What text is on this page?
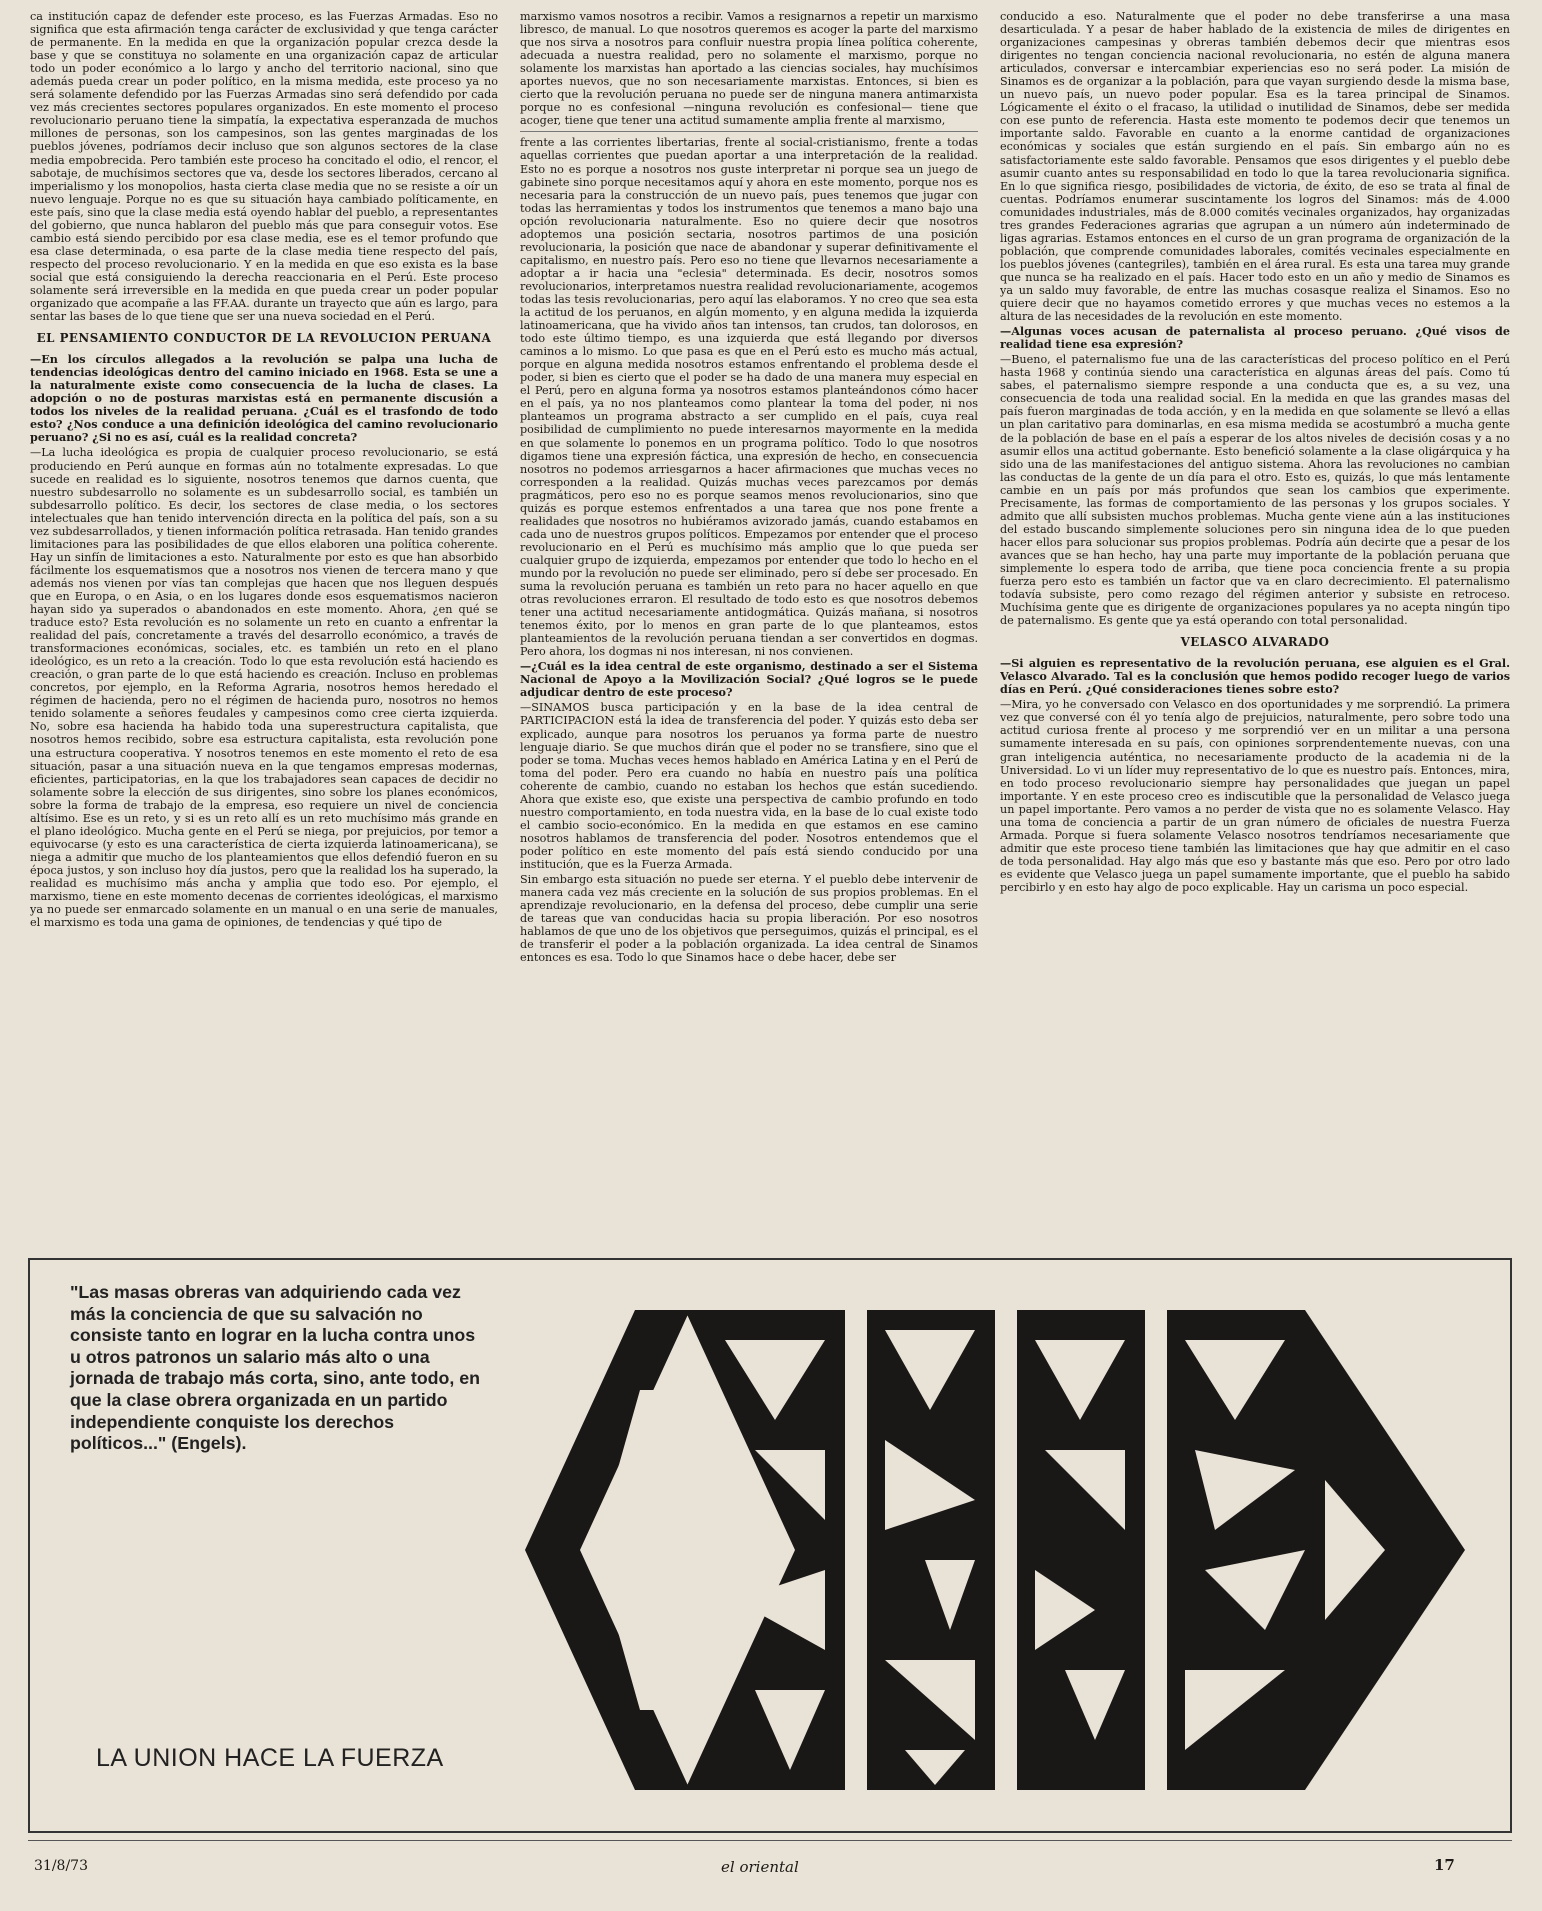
ca institución capaz de defender este proceso, es las Fuerzas Armadas. Eso no significa que esta afirmación tenga carácter de exclusividad y que tenga carácter de permanente. En la medida en que la organización popular crezca desde la base y que se constituya no solamente en una organización capaz de articular todo un poder económico a lo largo y ancho del territorio nacional, sino que además pueda crear un poder político, en la misma medida, este proceso ya no será solamente defendido por las Fuerzas Armadas sino será defendido por cada vez más crecientes sectores populares organizados. En este momento el proceso revolucionario peruano tiene la simpatía, la expectativa esperanzada de muchos millones de personas, son los campesinos, son las gentes marginadas de los pueblos jóvenes, podríamos decir incluso que son algunos sectores de la clase media empobrecida. Pero también este proceso ha concitado el odio, el rencor, el sabotaje, de muchísimos sectores que va, desde los sectores liberados, cercano al imperialismo y los monopolios, hasta cierta clase media que no se resiste a oír un nuevo lenguaje. Porque no es que su situación haya cambiado políticamente, en este país, sino que la clase media está oyendo hablar del pueblo, a representantes del gobierno, que nunca hablaron del pueblo más que para conseguir votos. Ese cambio está siendo percibido por esa clase media, ese es el temor profundo que esa clase determinada, o esa parte de la clase media tiene respecto del país, respecto del proceso revolucionario. Y en la medida en que eso exista es la base social que está consiguiendo la derecha reaccionaria en el Perú. Este proceso solamente será irreversible en la medida en que pueda crear un poder popular organizado que acompañe a las FF.AA. durante un trayecto que aún es largo, para sentar las bases de lo que tiene que ser una nueva sociedad en el Perú.

EL PENSAMIENTO CONDUCTOR DE LA REVOLUCION PERUANA

—En los círculos allegados a la revolución se palpa una lucha de tendencias ideológicas dentro del camino iniciado en 1968. Esta se une a la naturalmente existe como consecuencia de la lucha de clases. La adopción o no de posturas marxistas está en permanente discusión a todos los niveles de la realidad peruana. ¿Cuál es el trasfondo de todo esto? ¿Nos conduce a una definición ideológica del camino revolucionario peruano? ¿Si no es así, cuál es la realidad concreta?

—La lucha ideológica es propia de cualquier proceso revolucionario, se está produciendo en Perú aunque en formas aún no totalmente expresadas. Lo que sucede en realidad es lo siguiente, nosotros tenemos que darnos cuenta, que nuestro subdesarrollo no solamente es un subdesarrollo social, es también un subdesarrollo político. Es decir, los sectores de clase media, o los sectores intelectuales que han tenido intervención directa en la política del país, son a su vez subdesarrollados, y tienen información política retrasada. Han tenido grandes limitaciones para las posibilidades de que ellos elaboren una política coherente. Hay un sinfín de limitaciones a esto. Naturalmente por esto es que han absorbido fácilmente los esquematismos que a nosotros nos vienen de tercera mano y que además nos vienen por vías tan complejas que hacen que nos lleguen después que en Europa, o en Asia, o en los lugares donde esos esquematismos nacieron hayan sido ya superados o abandonados en este momento. Ahora, ¿en qué se traduce esto? Esta revolución es no solamente un reto en cuanto a enfrentar la realidad del país, concretamente a través del desarrollo económico, a través de transformaciones económicas, sociales, etc. es también un reto en el plano ideológico, es un reto a la creación. Todo lo que esta revolución está haciendo es creación, o gran parte de lo que está haciendo es creación. Incluso en problemas concretos, por ejemplo, en la Reforma Agraria, nosotros hemos heredado el régimen de hacienda, pero no el régimen de hacienda puro, nosotros no hemos tenido solamente a señores feudales y campesinos como cree cierta izquierda. No, sobre esa hacienda ha habido toda una superestructura capitalista, que nosotros hemos recibido, sobre esa estructura capitalista, esta revolución pone una estructura cooperativa. Y nosotros tenemos en este momento el reto de esa situación, pasar a una situación nueva en la que tengamos empresas modernas, eficientes, participatorias, en la que los trabajadores sean capaces de decidir no solamente sobre la elección de sus dirigentes, sino sobre los planes económicos, sobre la forma de trabajo de la empresa, eso requiere un nivel de conciencia altísimo. Ese es un reto, y si es un reto allí es un reto muchísimo más grande en el plano ideológico. Mucha gente en el Perú se niega, por prejuicios, por temor a equivocarse (y esto es una característica de cierta izquierda latinoamericana), se niega a admitir que mucho de los planteamientos que ellos defendió fueron en su época justos, y son incluso hoy día justos, pero que la realidad los ha superado, la realidad es muchísimo más ancha y amplia que todo eso. Por ejemplo, el marxismo, tiene en este momento decenas de corrientes ideológicas, el marxismo ya no puede ser enmarcado solamente en un manual o en una serie de manuales, el marxismo es toda una gama de opiniones, de tendencias y qué tipo de

marxismo vamos nosotros a recibir. Vamos a resignarnos a repetir un marxismo libresco, de manual. Lo que nosotros queremos es acoger la parte del marxismo que nos sirva a nosotros para confluir nuestra propia línea política coherente, adecuada a nuestra realidad, pero no solamente el marxismo, porque no solamente los marxistas han aportado a las ciencias sociales, hay muchísimos aportes nuevos, que no son necesariamente marxistas. Entonces, si bien es cierto que la revolución peruana no puede ser de ninguna manera antimarxista porque no es confesional —ninguna revolución es confesional— tiene que acoger, tiene que tener una actitud sumamente amplia frente al marxismo,

frente a las corrientes libertarias, frente al social-cristianismo, frente a todas aquellas corrientes que puedan aportar a una interpretación de la realidad. Esto no es porque a nosotros nos guste interpretar ni porque sea un juego de gabinete sino porque necesitamos aquí y ahora en este momento, porque nos es necesaria para la construcción de un nuevo país, pues tenemos que jugar con todas las herramientas y todos los instrumentos que tenemos a mano bajo una opción revolucionaria naturalmente. Eso no quiere decir que nosotros adoptemos una posición sectaria, nosotros partimos de una posición revolucionaria, la posición que nace de abandonar y superar definitivamente el capitalismo, en nuestro país. Pero eso no tiene que llevarnos necesariamente a adoptar a ir hacia una "eclesia" determinada. Es decir, nosotros somos revolucionarios, interpretamos nuestra realidad revolucionariamente, acogemos todas las tesis revolucionarias, pero aquí las elaboramos. Y no creo que sea esta la actitud de los peruanos, en algún momento, y en alguna medida la izquierda latinoamericana, que ha vivido años tan intensos, tan crudos, tan dolorosos, en todo este último tiempo, es una izquierda que está llegando por diversos caminos a lo mismo. Lo que pasa es que en el Perú esto es mucho más actual, porque en alguna medida nosotros estamos enfrentando el problema desde el poder, si bien es cierto que el poder se ha dado de una manera muy especial en el Perú, pero en alguna forma ya nosotros estamos planteándonos cómo hacer en el país, ya no nos planteamos como plantear la toma del poder, ni nos planteamos un programa abstracto a ser cumplido en el país, cuya real posibilidad de cumplimiento no puede interesarnos mayormente en la medida en que solamente lo ponemos en un programa político. Todo lo que nosotros digamos tiene una expresión fáctica, una expresión de hecho, en consecuencia nosotros no podemos arriesgarnos a hacer afirmaciones que muchas veces no corresponden a la realidad. Quizás muchas veces parezcamos por demás pragmáticos, pero eso no es porque seamos menos revolucionarios, sino que quizás es porque estemos enfrentados a una tarea que nos pone frente a realidades que nosotros no hubiéramos avizorado jamás, cuando estabamos en cada uno de nuestros grupos políticos. Empezamos por entender que el proceso revolucionario en el Perú es muchísimo más amplio que lo que pueda ser cualquier grupo de izquierda, empezamos por entender que todo lo hecho en el mundo por la revolución no puede ser eliminado, pero sí debe ser procesado. En suma la revolución peruana es también un reto para no hacer aquello en que otras revoluciones erraron. El resultado de todo esto es que nosotros debemos tener una actitud necesariamente antidogmática. Quizás mañana, si nosotros tenemos éxito, por lo menos en gran parte de lo que planteamos, estos planteamientos de la revolución peruana tiendan a ser convertidos en dogmas. Pero ahora, los dogmas ni nos interesan, ni nos convienen.

—¿Cuál es la idea central de este organismo, destinado a ser el Sistema Nacional de Apoyo a la Movilización Social? ¿Qué logros se le puede adjudicar dentro de este proceso?

—SINAMOS busca participación y en la base de la idea central de PARTICIPACION está la idea de transferencia del poder. Y quizás esto deba ser explicado, aunque para nosotros los peruanos ya forma parte de nuestro lenguaje diario. Se que muchos dirán que el poder no se transfiere, sino que el poder se toma. Muchas veces hemos hablado en América Latina y en el Perú de toma del poder. Pero era cuando no había en nuestro país una política coherente de cambio, cuando no estaban los hechos que están sucediendo. Ahora que existe eso, que existe una perspectiva de cambio profundo en todo nuestro comportamiento, en toda nuestra vida, en la base de lo cual existe todo el cambio socio-económico. En la medida en que estamos en ese camino nosotros hablamos de transferencia del poder. Nosotros entendemos que el poder político en este momento del país está siendo conducido por una institución, que es la Fuerza Armada.

Sin embargo esta situación no puede ser eterna. Y el pueblo debe intervenir de manera cada vez más creciente en la solución de sus propios problemas. En el aprendizaje revolucionario, en la defensa del proceso, debe cumplir una serie de tareas que van conducidas hacia su propia liberación. Por eso nosotros hablamos de que uno de los objetivos que perseguimos, quizás el principal, es el de transferir el poder a la población organizada. La idea central de Sinamos entonces es esa. Todo lo que Sinamos hace o debe hacer, debe ser

conducido a eso. Naturalmente que el poder no debe transferirse a una masa desarticulada. Y a pesar de haber hablado de la existencia de miles de dirigentes en organizaciones campesinas y obreras también debemos decir que mientras esos dirigentes no tengan conciencia nacional revolucionaria, no estén de alguna manera articulados, conversar e intercambiar experiencias eso no será poder. La misión de Sinamos es de organizar a la población, para que vayan surgiendo desde la misma base, un nuevo país, un nuevo poder popular. Esa es la tarea principal de Sinamos. Lógicamente el éxito o el fracaso, la utilidad o inutilidad de Sinamos, debe ser medida con ese punto de referencia. Hasta este momento te podemos decir que tenemos un importante saldo. Favorable en cuanto a la enorme cantidad de organizaciones económicas y sociales que están surgiendo en el país. Sin embargo aún no es satisfactoriamente este saldo favorable. Pensamos que esos dirigentes y el pueblo debe asumir cuanto antes su responsabilidad en todo lo que la tarea revolucionaria significa. En lo que significa riesgo, posibilidades de victoria, de éxito, de eso se trata al final de cuentas. Podríamos enumerar suscintamente los logros del Sinamos: más de 4.000 comunidades industriales, más de 8.000 comités vecinales organizados, hay organizadas tres grandes Federaciones agrarias que agrupan a un número aún indeterminado de ligas agrarias. Estamos entonces en el curso de un gran programa de organización de la población, que comprende comunidades laborales, comités vecinales especialmente en los pueblos jóvenes (cantegriles), también en el área rural. Es esta una tarea muy grande que nunca se ha realizado en el país. Hacer todo esto en un año y medio de Sinamos es ya un saldo muy favorable, de entre las muchas cosasque realiza el Sinamos. Eso no quiere decir que no hayamos cometido errores y que muchas veces no estemos a la altura de las necesidades de la revolución en este momento.

—Algunas voces acusan de paternalista al proceso peruano. ¿Qué visos de realidad tiene esa expresión?

—Bueno, el paternalismo fue una de las características del proceso político en el Perú hasta 1968 y continúa siendo una característica en algunas áreas del país. Como tú sabes, el paternalismo siempre responde a una conducta que es, a su vez, una consecuencia de toda una realidad social. En la medida en que las grandes masas del país fueron marginadas de toda acción, y en la medida en que solamente se llevó a ellas un plan caritativo para dominarlas, en esa misma medida se acostumbró a mucha gente de la población de base en el país a esperar de los altos niveles de decisión cosas y a no asumir ellos una actitud gobernante. Esto benefició solamente a la clase oligárquica y ha sido una de las manifestaciones del antiguo sistema. Ahora las revoluciones no cambian las conductas de la gente de un día para el otro. Esto es, quizás, lo que más lentamente cambie en un país por más profundos que sean los cambios que experimente. Precisamente, las formas de comportamiento de las personas y los grupos sociales. Y admito que allí subsisten muchos problemas. Mucha gente viene aún a las instituciones del estado buscando simplemente soluciones pero sin ninguna idea de lo que pueden hacer ellos para solucionar sus propios problemas. Podría aún decirte que a pesar de los avances que se han hecho, hay una parte muy importante de la población peruana que simplemente lo espera todo de arriba, que tiene poca conciencia frente a su propia fuerza pero esto es también un factor que va en claro decrecimiento. El paternalismo todavía subsiste, pero como rezago del régimen anterior y subsiste en retroceso. Muchísima gente que es dirigente de organizaciones populares ya no acepta ningún tipo de paternalismo. Es gente que ya está operando con total personalidad.

VELASCO ALVARADO

—Si alguien es representativo de la revolución peruana, ese alguien es el Gral. Velasco Alvarado. Tal es la conclusión que hemos podido recoger luego de varios días en Perú. ¿Qué consideraciones tienes sobre esto?

—Mira, yo he conversado con Velasco en dos oportunidades y me sorprendió. La primera vez que conversé con él yo tenía algo de prejuicios, naturalmente, pero sobre todo una actitud curiosa frente al proceso y me sorprendió ver en un militar a una persona sumamente interesada en su país, con opiniones sorprendentemente nuevas, con una gran inteligencia auténtica, no necesariamente producto de la academia ni de la Universidad. Lo vi un líder muy representativo de lo que es nuestro país. Entonces, mira, en todo proceso revolucionario siempre hay personalidades que juegan un papel importante. Y en este proceso creo es indiscutible que la personalidad de Velasco juega un papel importante. Pero vamos a no perder de vista que no es solamente Velasco. Hay una toma de conciencia a partir de un gran número de oficiales de nuestra Fuerza Armada. Porque si fuera solamente Velasco nosotros tendríamos necesariamente que admitir que este proceso tiene también las limitaciones que hay que admitir en el caso de toda personalidad. Hay algo más que eso y bastante más que eso. Pero por otro lado es evidente que Velasco juega un papel sumamente importante, que el pueblo ha sabido percibirlo y en esto hay algo de poco explicable. Hay un carisma un poco especial.

"Las masas obreras van adquiriendo cada vez más la conciencia de que su salvación no consiste tanto en lograr en la lucha contra unos u otros patronos un salario más alto o una jornada de trabajo más corta, sino, ante todo, en que la clase obrera organizada en un partido independiente conquiste los derechos políticos..." (Engels).
LA UNION HACE LA FUERZA
31/8/73	el oriental	17
